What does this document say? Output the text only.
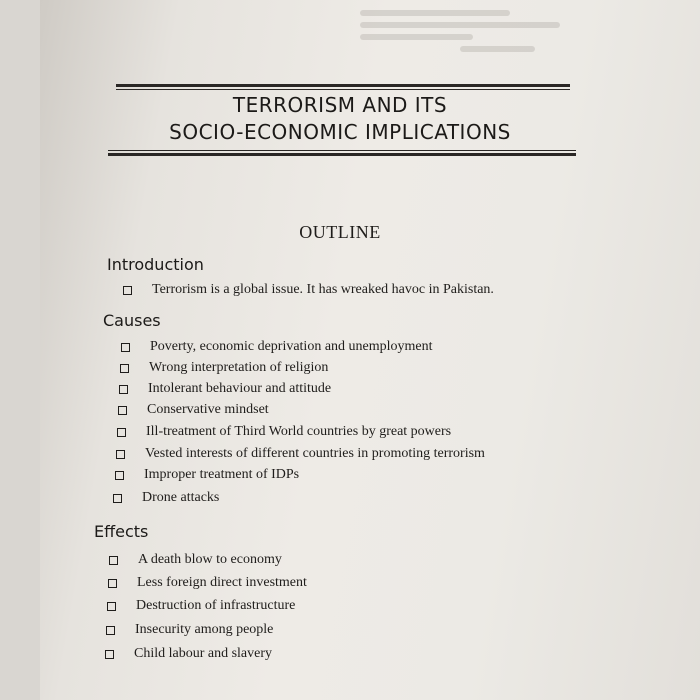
TERRORISM AND ITS
SOCIO-ECONOMIC IMPLICATIONS
OUTLINE
Introduction
Terrorism is a global issue. It has wreaked havoc in Pakistan.
Causes
Poverty, economic deprivation and unemployment
Wrong interpretation of religion
Intolerant behaviour and attitude
Conservative mindset
Ill-treatment of Third World countries by great powers
Vested interests of different countries in promoting terrorism
Improper treatment of IDPs
Drone attacks
Effects
A death blow to economy
Less foreign direct investment
Destruction of infrastructure
Insecurity among people
Child labour and slavery
